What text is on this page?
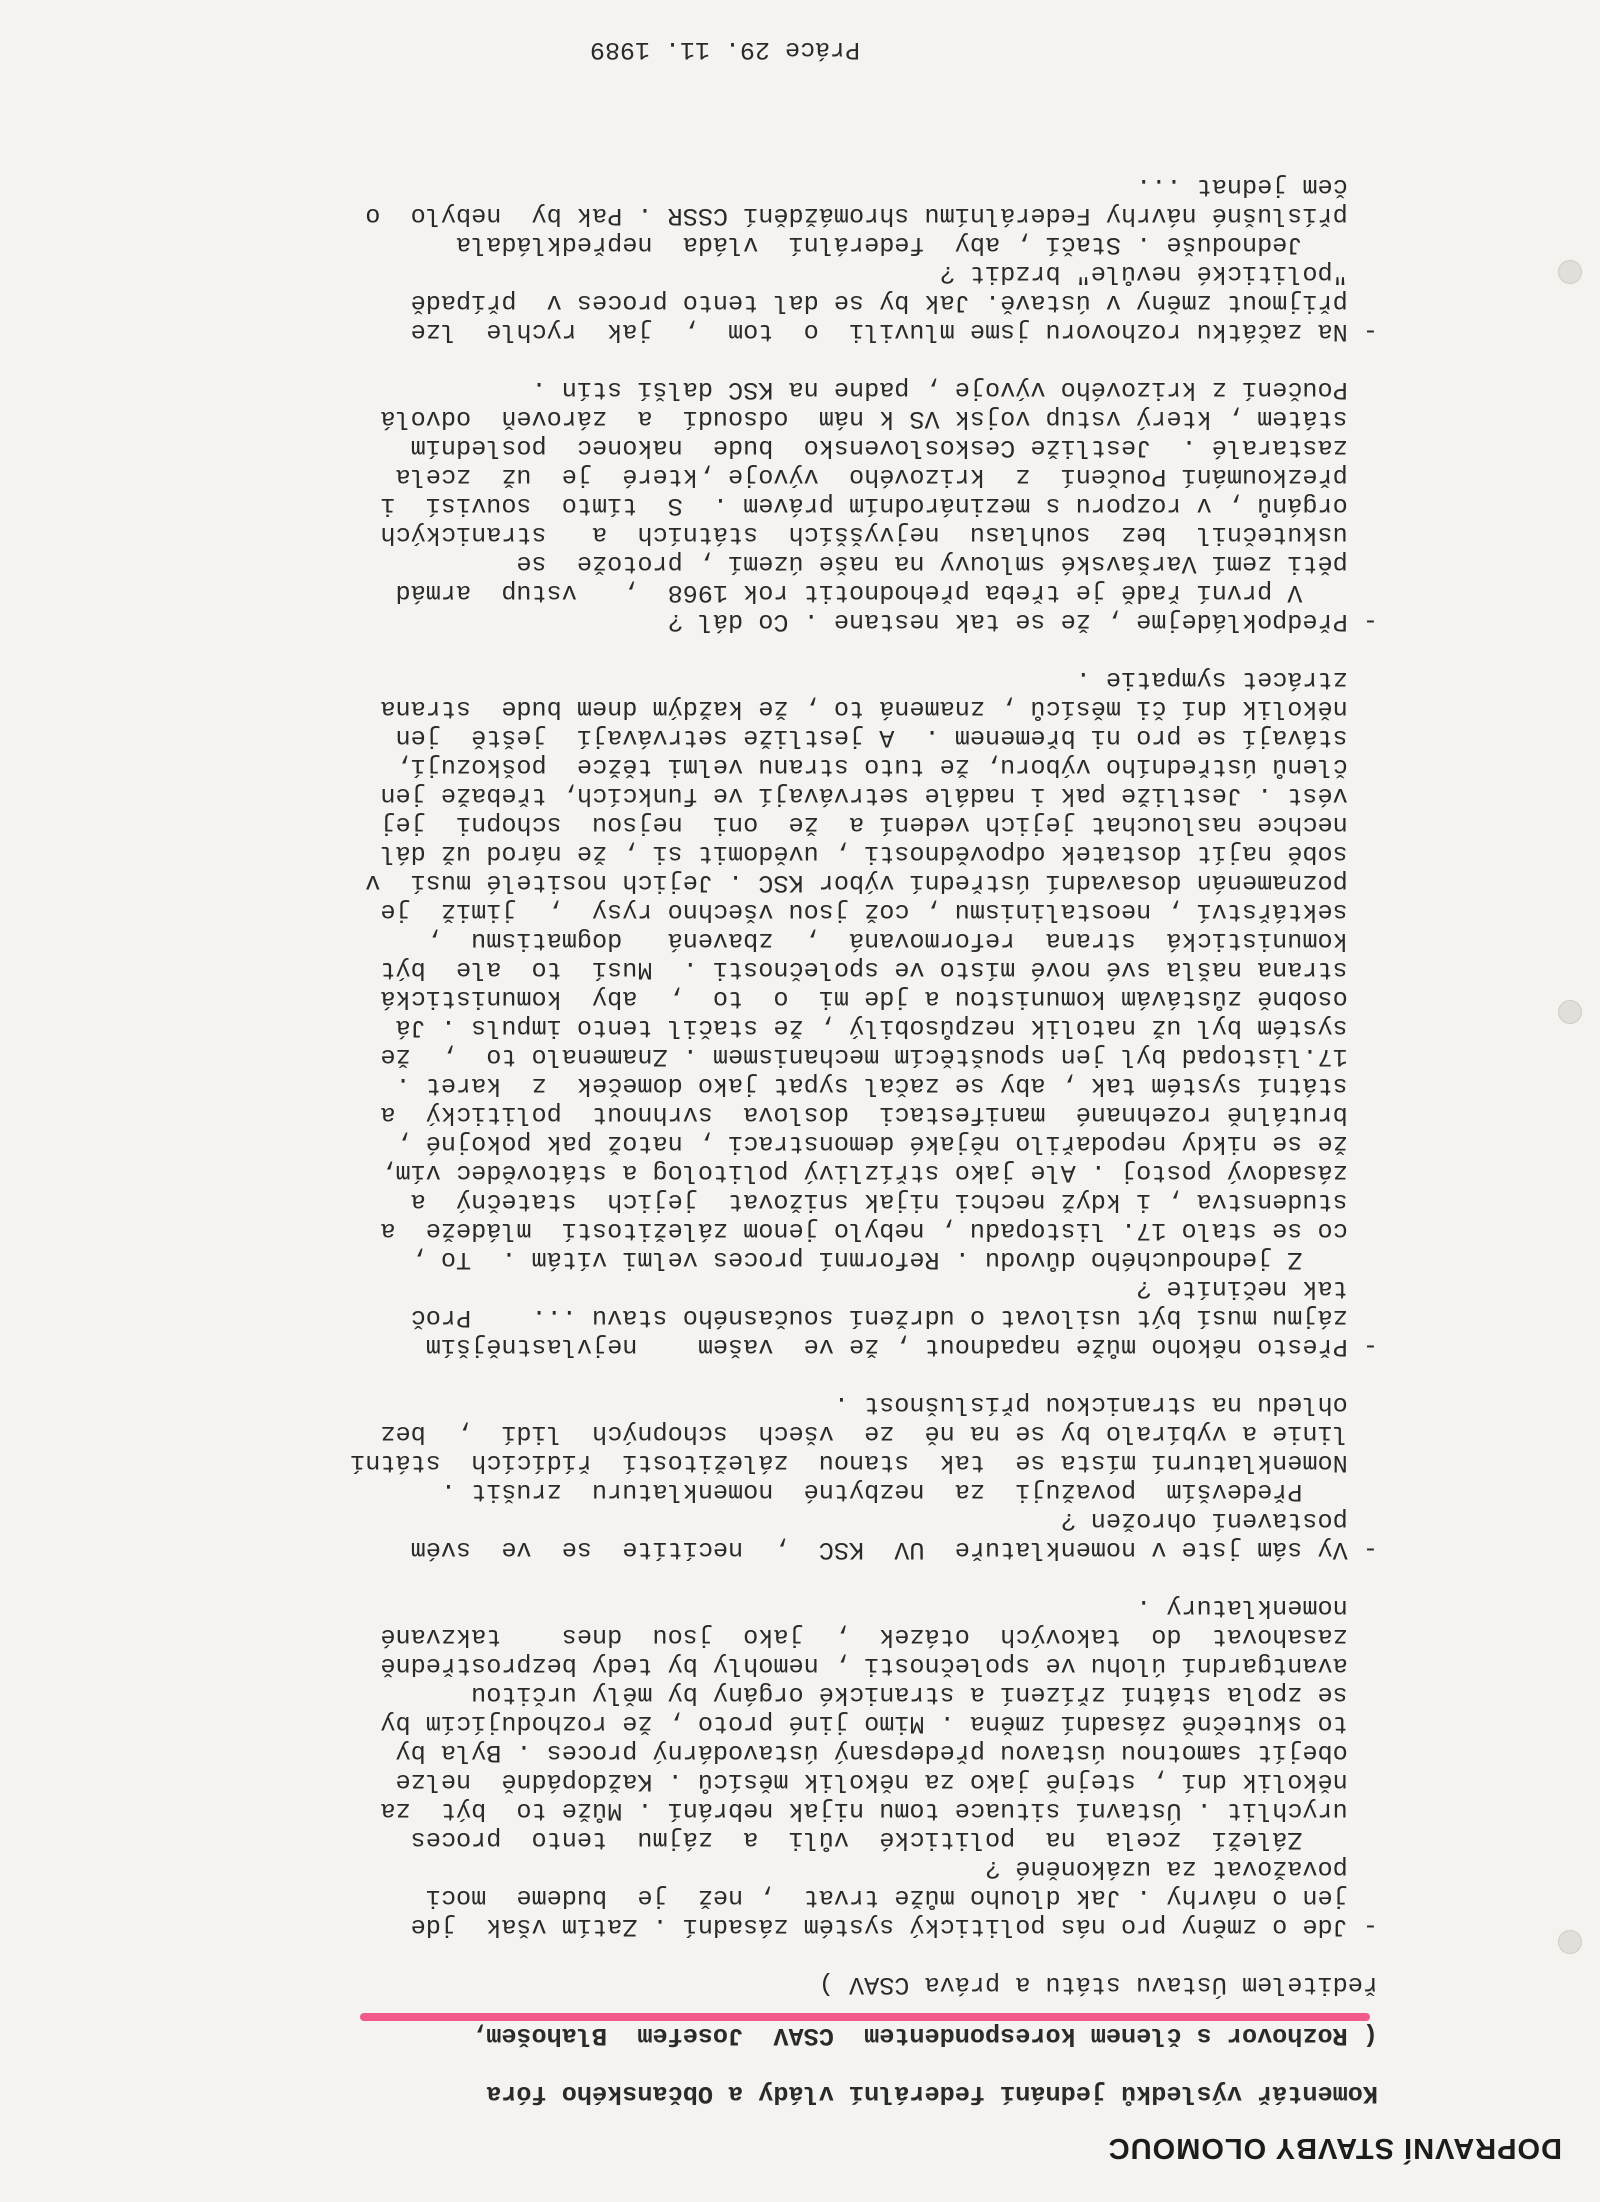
DOPRAVNÍ STAVBY OLOMOUC
Komentář výsledků jednání federální vlády a Občanského fóra
( Rozhovor s členem korespondentem  CSAV  Josefem  Blahošem,
ředitelem Ústavu státu a práva CSAV )
- Jde o změny pro nás politický systém zásadní . Zatím však  jde
jen o návrhy . Jak dlouho může trvat  , než  je  budeme  moci
považovat za uzákoněné ?
Záleží  zcela  na  politické  vůli  a  zájmu  tento  proces
urychlit . Ústavní situace tomu nijak nebrání . Může to  být  za
několik dní , stejně jako za několik měsíců . Každopádně  nelze
obejít samotnou ústavou předepsaný ústavodárný proces . Byla by
to skutečně zásadní změna . Mimo jiné proto , že rozhodujícím by
se zpola státní zřízení a stranické orgány by měly určitou
avantgardní úlohu ve společnosti , nemohly by tedy bezprostředně
zasahovat  do  takových  otázek  ,  jako  jsou  dnes    takzvané
nomenklatury .
- Vy sám jste v nomenklatuře  UV  KSC  ,  necítíte  se  ve  svém
postavení ohrožen ?
Především  považuji  za  nezbytné  nomenklaturu  zrušit .
Nomenklaturní místa se  tak  stanou  záležitostí  řídících  státní
linie a vybíralo by se na ně  ze  všech  schopných  lidí  ,  bez
ohledu na stranickou příslušnost .
- Přesto někoho může napadnout , že ve  vašem    nejvlastnějším
zájmu musí být usilovat o udržení současného stavu ...    Proč
tak nečiníte ?
Z jednoduchého důvodu . Reformní proces velmi vítám .  To ,
co se stalo 17. listopadu , nebylo jenom záležitostí  mládeže  a
studenstva , i když nechci nijak snižovat  jejich  statečný  a
zásadový postoj . Ale jako střízlivý politolog a státovědec vím,
že se nikdy nepodařilo nějaké demonstraci , natož pak pokojné ,
brutálně rozehnané  manifestaci  doslova  svrhnout  politický  a
státní systém tak , aby se začal sypat jako domeček  z  karet .
17.listopad byl jen spouštěcím mechanismem . Znamenalo to  ,  že
systém byl už natolik nezpůsobilý , že stačil tento impuls . Já
osobně zůstávám komunistou a jde mi  o  to  ,  aby  komunistická
strana našla své nové místo ve společnosti .  Musí  to  ale  být
komunistická  strana  reformovaná  ,  zbavená   dogmatismu  ,
sektářství , neostalinismu , což jsou všechno rysy  ,  jimiž  je
poznamenán dosavadní ústřední výbor KSC . Jejich nositelé musí  v
sobě najít dostatek odpovědnosti , uvědomit si , že národ už dál
nechce naslouchat jejich vedení a  že  oni  nejsou  schopni  jej
vést . Jestliže pak i nadále setrvávají ve funkcích, třebaže jen
členů ústředního výboru, že tuto stranu velmi těžce  poškozují,
stávají se pro ni břemenem .  A jestliže setrvávají  ještě  jen
několik dní či měsíců , znamená to , že každým dnem bude  strana
ztrácet sympatie .
- Předpokládejme , že se tak nestane . Co dál ?
V první řadě je třeba přehodnotit rok 1968  ,   vstup  armád
pěti zemí Varšavské smlouvy na naše území , protože  se
uskutečnil  bez  souhlasu  nejvyšších  státních  a   stranických
orgánů , v rozporu s mezinárodním právem .  S  tímto  souvisí  i
přezkoumání Poučení  z  krizového  vývoje ,které  je  už  zcela
zastaralé .  Jestliže Ceskoslovensko  bude  nakonec  posledním
státem , který vstup vojsk VS k nám  odsoudí  a  zároveň  odvolá
Poučení z krizového vývoje , padne na KSC další stín .
- Na začátku rozhovoru jsme mluvili  o  tom  ,  jak  rychle  lze
přijmout změny v ústavě. Jak by se dal tento proces v  případě
"politické nevůle" brzdit ?
Jednoduše . Stačí , aby  federální  vláda  nepředkládala
příslušné návrhy Federálnímu shromáždění CSSR . Pak by  nebylo  o
čem jednat ...
Práce 29. 11. 1989
